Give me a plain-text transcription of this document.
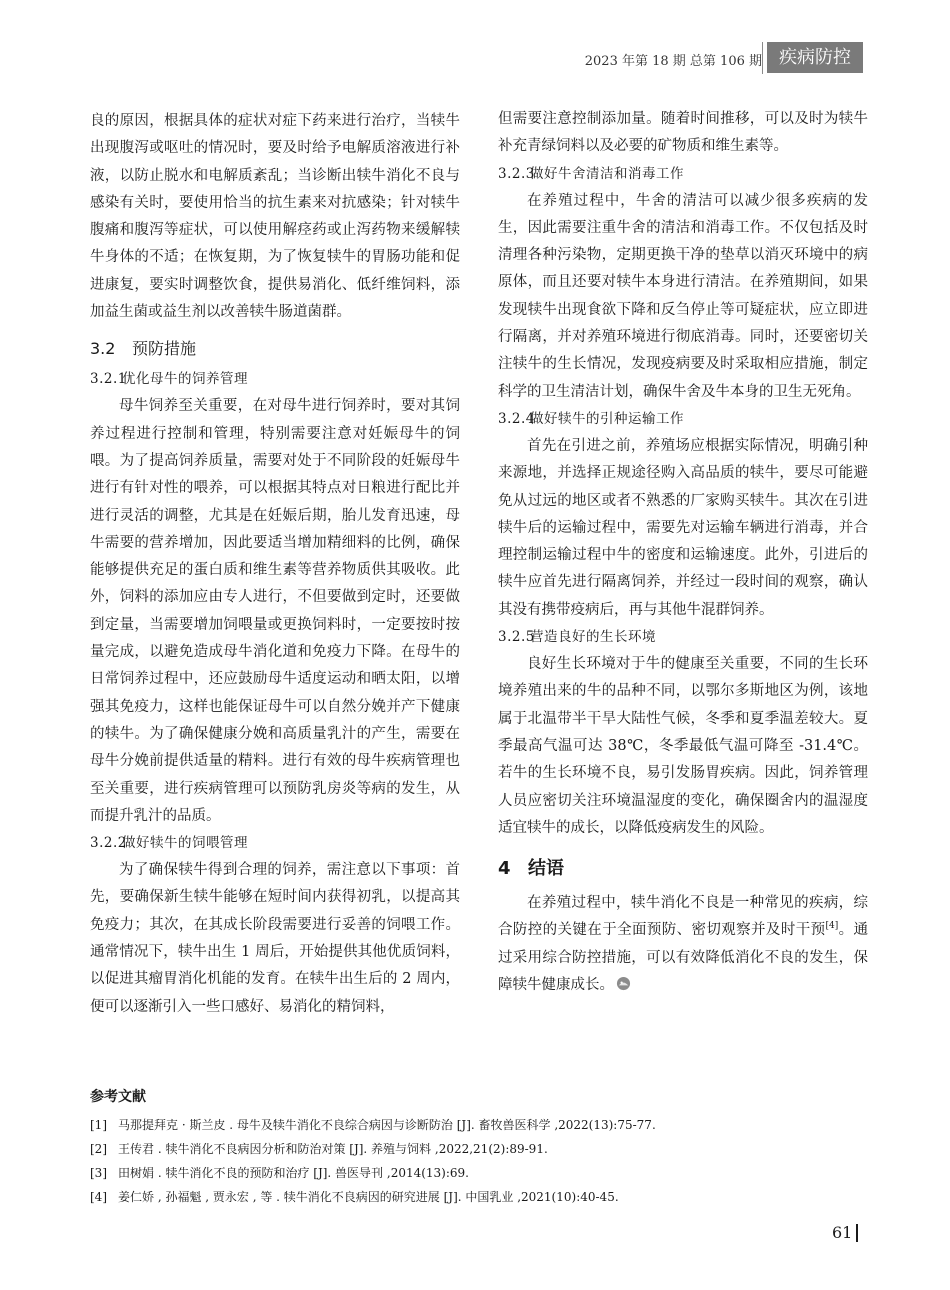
2023 年第 18 期 总第 106 期 疾病防控

良的原因，根据具体的症状对症下药来进行治疗，当犊牛出现腹泻或呕吐的情况时，要及时给予电解质溶液进行补液，以防止脱水和电解质紊乱；当诊断出犊牛消化不良与感染有关时，要使用恰当的抗生素来对抗感染；针对犊牛腹痛和腹泻等症状，可以使用解痉药或止泻药物来缓解犊牛身体的不适；在恢复期，为了恢复犊牛的胃肠功能和促进康复，要实时调整饮食，提供易消化、低纤维饲料，添加益生菌或益生剂以改善犊牛肠道菌群。

3.2 预防措施
3.2.1优化母牛的饲养管理

母牛饲养至关重要，在对母牛进行饲养时，要对其饲养过程进行控制和管理，特别需要注意对妊娠母牛的饲喂。为了提高饲养质量，需要对处于不同阶段的妊娠母牛进行有针对性的喂养，可以根据其特点对日粮进行配比并进行灵活的调整，尤其是在妊娠后期，胎儿发育迅速，母牛需要的营养增加，因此要适当增加精细料的比例，确保能够提供充足的蛋白质和维生素等营养物质供其吸收。此外，饲料的添加应由专人进行，不但要做到定时，还要做到定量，当需要增加饲喂量或更换饲料时，一定要按时按量完成，以避免造成母牛消化道和免疫力下降。在母牛的日常饲养过程中，还应鼓励母牛适度运动和晒太阳，以增强其免疫力，这样也能保证母牛可以自然分娩并产下健康的犊牛。为了确保健康分娩和高质量乳汁的产生，需要在母牛分娩前提供适量的精料。进行有效的母牛疾病管理也至关重要，进行疾病管理可以预防乳房炎等病的发生，从而提升乳汁的品质。

3.2.2做好犊牛的饲喂管理

为了确保犊牛得到合理的饲养，需注意以下事项：首先，要确保新生犊牛能够在短时间内获得初乳，以提高其免疫力；其次，在其成长阶段需要进行妥善的饲喂工作。通常情况下，犊牛出生 1 周后，开始提供其他优质饲料，以促进其瘤胃消化机能的发育。在犊牛出生后的 2 周内，便可以逐渐引入一些口感好、易消化的精饲料，

但需要注意控制添加量。随着时间推移，可以及时为犊牛补充青绿饲料以及必要的矿物质和维生素等。

3.2.3做好牛舍清洁和消毒工作

在养殖过程中，牛舍的清洁可以减少很多疾病的发生，因此需要注重牛舍的清洁和消毒工作。不仅包括及时清理各种污染物，定期更换干净的垫草以消灭环境中的病原体，而且还要对犊牛本身进行清洁。在养殖期间，如果发现犊牛出现食欲下降和反刍停止等可疑症状，应立即进行隔离，并对养殖环境进行彻底消毒。同时，还要密切关注犊牛的生长情况，发现疫病要及时采取相应措施，制定科学的卫生清洁计划，确保牛舍及牛本身的卫生无死角。

3.2.4做好犊牛的引种运输工作

首先在引进之前，养殖场应根据实际情况，明确引种来源地，并选择正规途径购入高品质的犊牛，要尽可能避免从过远的地区或者不熟悉的厂家购买犊牛。其次在引进犊牛后的运输过程中，需要先对运输车辆进行消毒，并合理控制运输过程中牛的密度和运输速度。此外，引进后的犊牛应首先进行隔离饲养，并经过一段时间的观察，确认其没有携带疫病后，再与其他牛混群饲养。

3.2.5营造良好的生长环境

良好生长环境对于牛的健康至关重要，不同的生长环境养殖出来的牛的品种不同，以鄂尔多斯地区为例，该地属于北温带半干旱大陆性气候，冬季和夏季温差较大。夏季最高气温可达 38℃，冬季最低气温可降至 -31.4℃。若牛的生长环境不良，易引发肠胃疾病。因此，饲养管理人员应密切关注环境温湿度的变化，确保圈舍内的温湿度适宜犊牛的成长，以降低疫病发生的风险。

4 结语

在养殖过程中，犊牛消化不良是一种常见的疾病，综合防控的关键在于全面预防、密切观察并及时干预[4]。通过采用综合防控措施，可以有效降低消化不良的发生，保障犊牛健康成长。

参考文献
[1] 马那提拜克 · 斯兰皮 . 母牛及犊牛消化不良综合病因与诊断防治 [J]. 畜牧兽医科学 ,2022(13):75-77.
[2] 王传君 . 犊牛消化不良病因分析和防治对策 [J]. 养殖与饲料 ,2022,21(2):89-91.
[3] 田树娟 . 犊牛消化不良的预防和治疗 [J]. 兽医导刊 ,2014(13):69.
[4] 姜仁娇 , 孙福魁 , 贾永宏 , 等 . 犊牛消化不良病因的研究进展 [J]. 中国乳业 ,2021(10):40-45.
61
